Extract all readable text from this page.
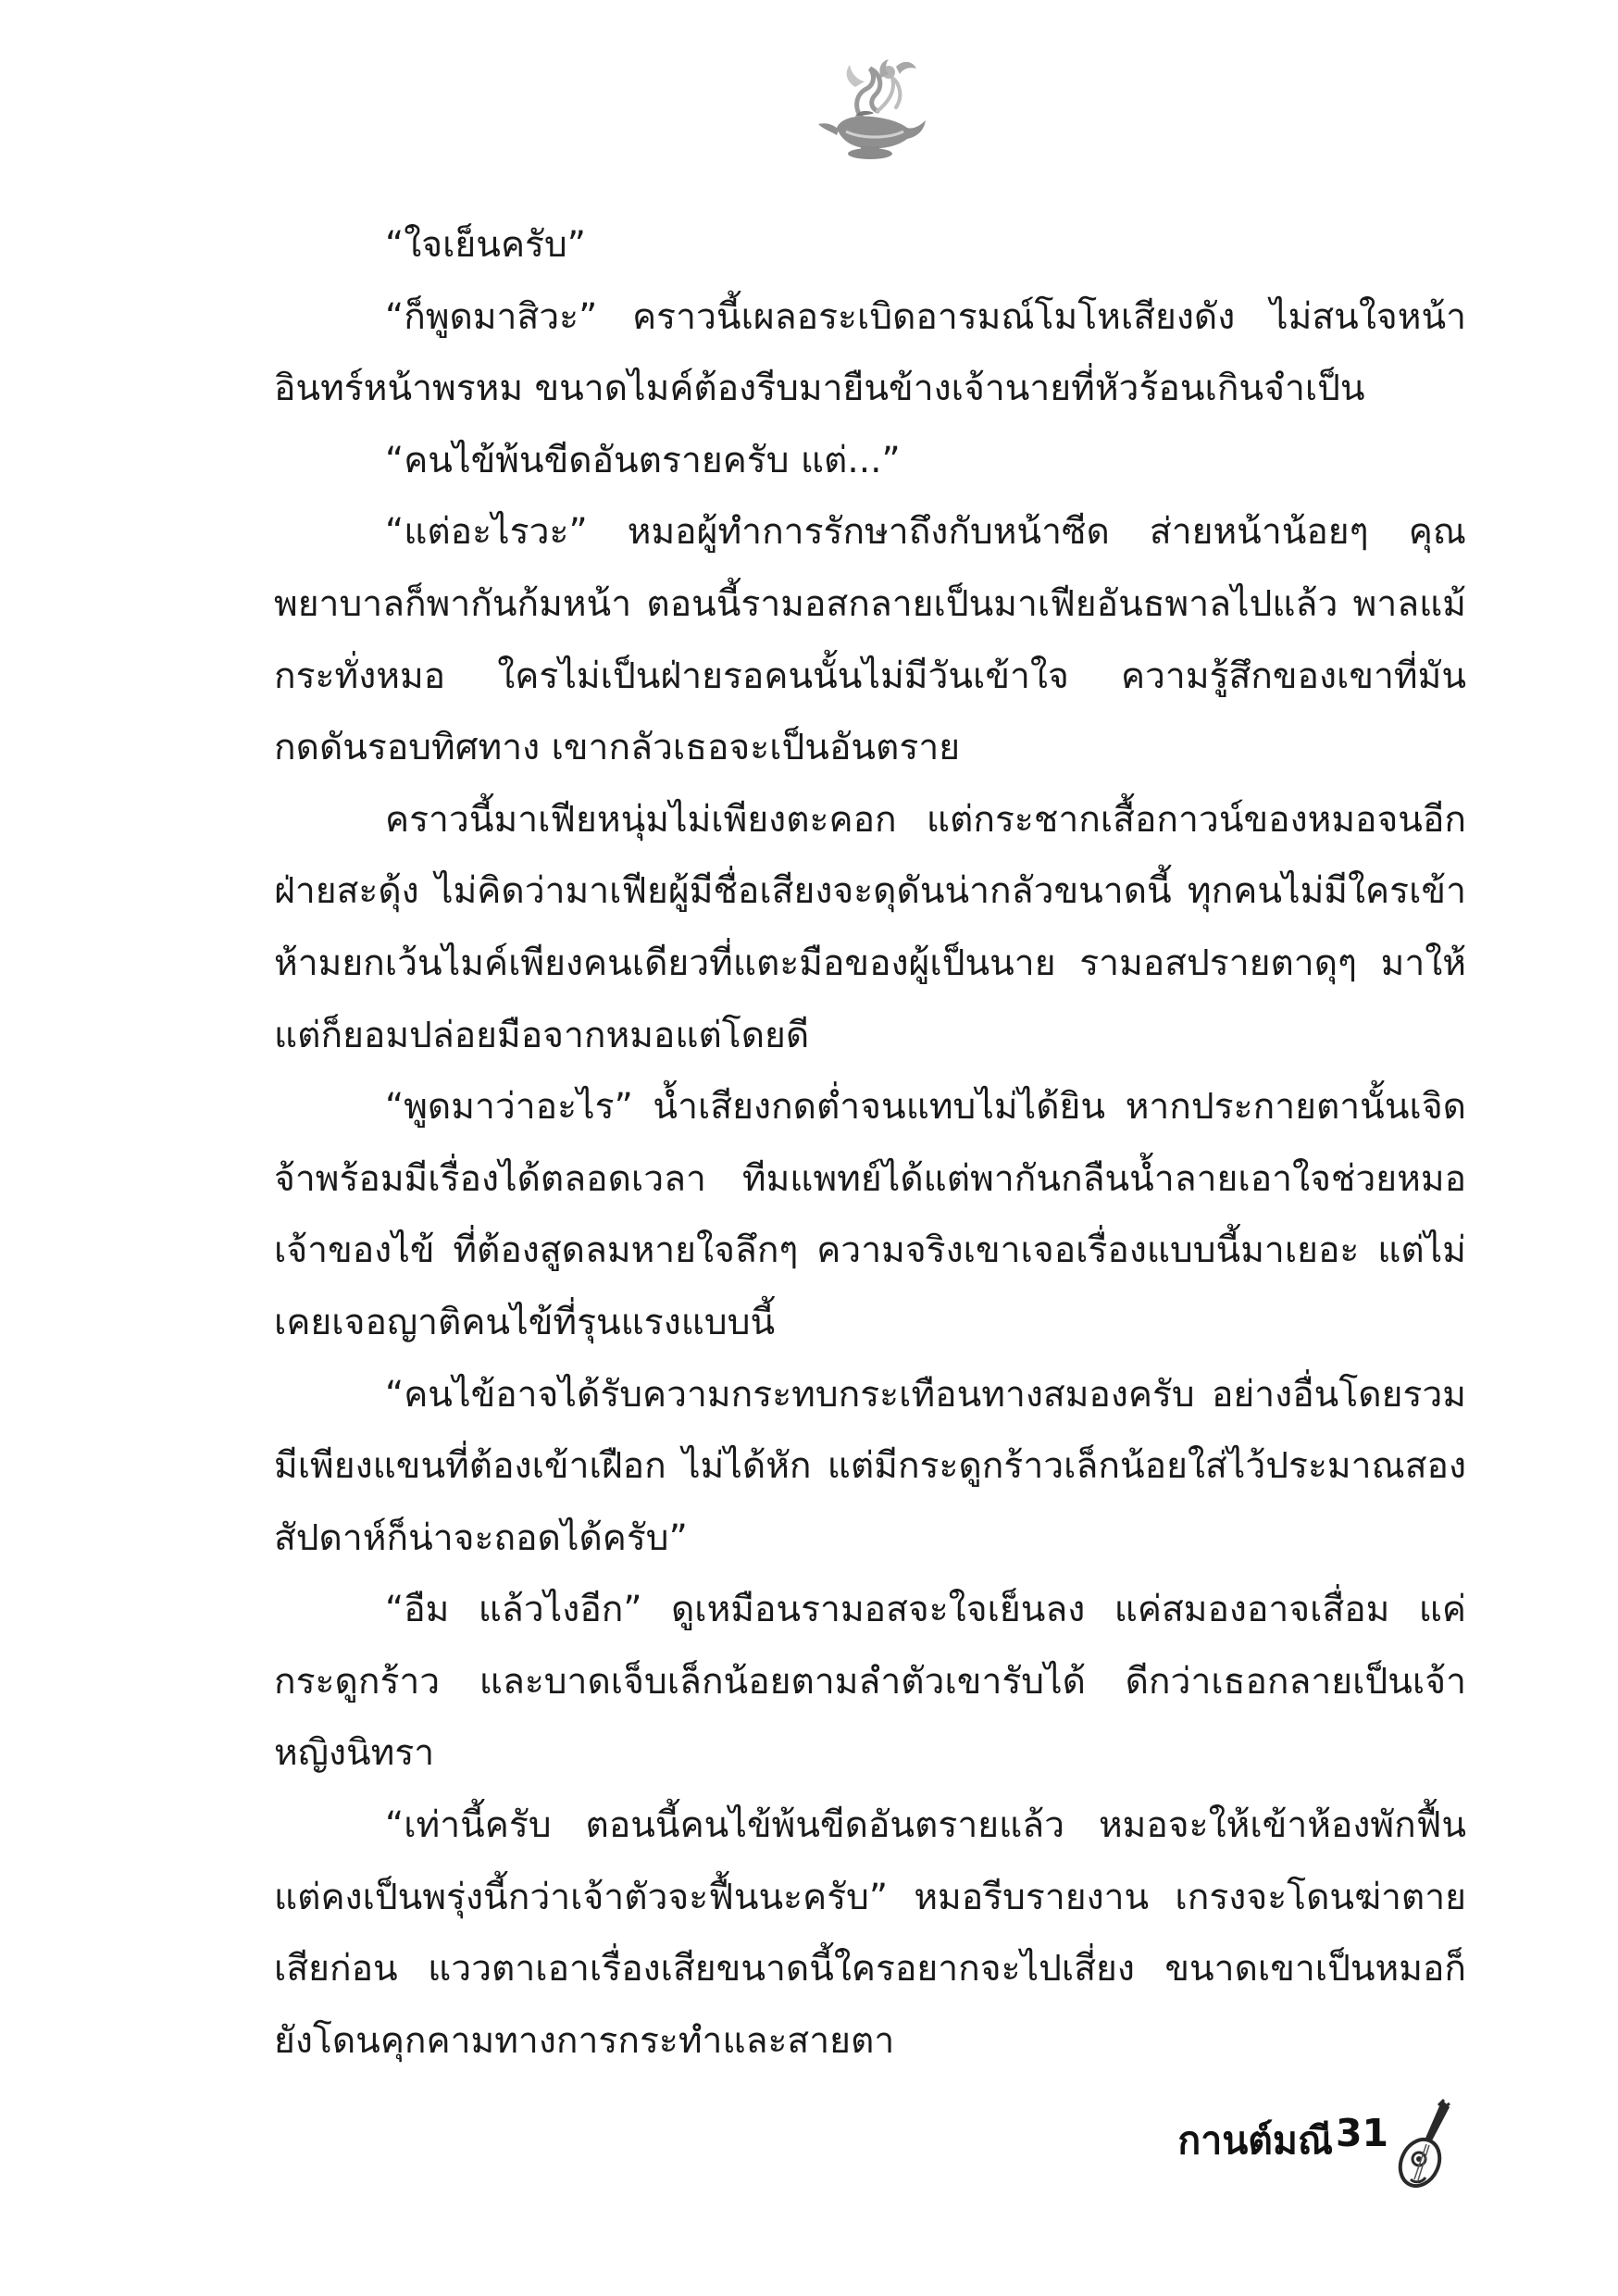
“ใจเย็นครับ”

“ก็พูดมาสิวะ” คราวนี้เผลอระเบิดอารมณ์โมโหเสียงดัง ไม่สนใจหน้าอินทร์หน้าพรหม ขนาดไมค์ต้องรีบมายืนข้างเจ้านายที่หัวร้อนเกินจำเป็น

“คนไข้พ้นขีดอันตรายครับ แต่...”

“แต่อะไรวะ” หมอผู้ทำการรักษาถึงกับหน้าซีด ส่ายหน้าน้อยๆ คุณพยาบาลก็พากันก้มหน้า ตอนนี้รามอสกลายเป็นมาเฟียอันธพาลไปแล้ว พาลแม้กระทั่งหมอ ใครไม่เป็นฝ่ายรอคนนั้นไม่มีวันเข้าใจ ความรู้สึกของเขาที่มันกดดันรอบทิศทาง เขากลัวเธอจะเป็นอันตราย

คราวนี้มาเฟียหนุ่มไม่เพียงตะคอก แต่กระชากเสื้อกาวน์ของหมอจนอีกฝ่ายสะดุ้ง ไม่คิดว่ามาเฟียผู้มีชื่อเสียงจะดุดันน่ากลัวขนาดนี้ ทุกคนไม่มีใครเข้าห้ามยกเว้นไมค์เพียงคนเดียวที่แตะมือของผู้เป็นนาย รามอสปรายตาดุๆ มาให้ แต่ก็ยอมปล่อยมือจากหมอแต่โดยดี

“พูดมาว่าอะไร” น้ำเสียงกดต่ำจนแทบไม่ได้ยิน หากประกายตานั้นเจิดจ้าพร้อมมีเรื่องได้ตลอดเวลา ทีมแพทย์ได้แต่พากันกลืนน้ำลายเอาใจช่วยหมอเจ้าของไข้ ที่ต้องสูดลมหายใจลึกๆ ความจริงเขาเจอเรื่องแบบนี้มาเยอะ แต่ไม่เคยเจอญาติคนไข้ที่รุนแรงแบบนี้

“คนไข้อาจได้รับความกระทบกระเทือนทางสมองครับ อย่างอื่นโดยรวมมีเพียงแขนที่ต้องเข้าเฝือก ไม่ได้หัก แต่มีกระดูกร้าวเล็กน้อยใส่ไว้ประมาณสองสัปดาห์ก็น่าจะถอดได้ครับ”

“อืม แล้วไงอีก” ดูเหมือนรามอสจะใจเย็นลง แค่สมองอาจเสื่อม แค่กระดูกร้าว และบาดเจ็บเล็กน้อยตามลำตัวเขารับได้ ดีกว่าเธอกลายเป็นเจ้าหญิงนิทรา

“เท่านี้ครับ ตอนนี้คนไข้พ้นขีดอันตรายแล้ว หมอจะให้เข้าห้องพักฟื้นแต่คงเป็นพรุ่งนี้กว่าเจ้าตัวจะฟื้นนะครับ” หมอรีบรายงาน เกรงจะโดนฆ่าตายเสียก่อน แววตาเอาเรื่องเสียขนาดนี้ใครอยากจะไปเสี่ยง ขนาดเขาเป็นหมอก็ยังโดนคุกคามทางการกระทำและสายตา

กานต์มณี 31
